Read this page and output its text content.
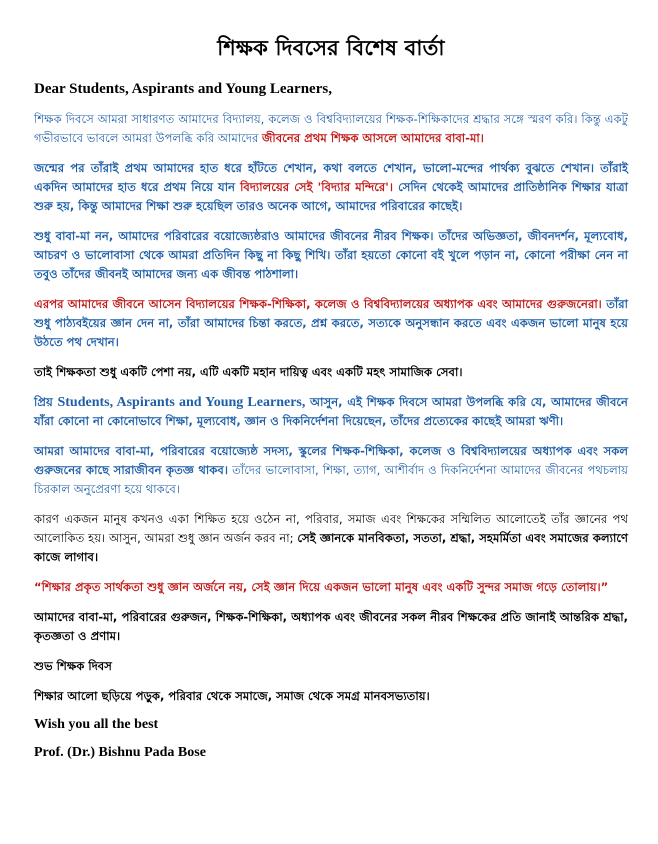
শিক্ষক দিবসের বিশেষ বার্তা
Dear Students, Aspirants and Young Learners,

শিক্ষক দিবসে আমরা সাধারণত আমাদের বিদ্যালয়, কলেজ ও বিশ্ববিদ্যালয়ের শিক্ষক-শিক্ষিকাদের শ্রদ্ধার সঙ্গে স্মরণ করি। কিন্তু একটু গভীরভাবে ভাবলে আমরা উপলব্ধি করি আমাদের জীবনের প্রথম শিক্ষক আসলে আমাদের বাবা-মা।

জন্মের পর তাঁরাই প্রথম আমাদের হাত ধরে হাঁটতে শেখান, কথা বলতে শেখান, ভালো-মন্দের পার্থক্য বুঝতে শেখান। তাঁরাই একদিন আমাদের হাত ধরে প্রথম নিয়ে যান বিদ্যালয়ের সেই 'বিদ্যার মন্দিরে'। সেদিন থেকেই আমাদের প্রাতিষ্ঠানিক শিক্ষার যাত্রা শুরু হয়, কিন্তু আমাদের শিক্ষা শুরু হয়েছিল তারও অনেক আগে, আমাদের পরিবারের কাছেই।

শুধু বাবা-মা নন, আমাদের পরিবারের বয়োজ্যেষ্ঠরাও আমাদের জীবনের নীরব শিক্ষক। তাঁদের অভিজ্ঞতা, জীবনদর্শন, মূল্যবোধ, আচরণ ও ভালোবাসা থেকে আমরা প্রতিদিন কিছু না কিছু শিখি। তাঁরা হয়তো কোনো বই খুলে পড়ান না, কোনো পরীক্ষা নেন না তবুও তাঁদের জীবনই আমাদের জন্য এক জীবন্ত পাঠশালা।

এরপর আমাদের জীবনে আসেন বিদ্যালয়ের শিক্ষক-শিক্ষিকা, কলেজ ও বিশ্ববিদ্যালয়ের অধ্যাপক এবং আমাদের গুরুজনেরা। তাঁরা শুধু পাঠ্যবইয়ের জ্ঞান দেন না, তাঁরা আমাদের চিন্তা করতে, প্রশ্ন করতে, সত্যকে অনুসন্ধান করতে এবং একজন ভালো মানুষ হয়ে উঠতে পথ দেখান।

তাই শিক্ষকতা শুধু একটি পেশা নয়, এটি একটি মহান দায়িত্ব এবং একটি মহৎ সামাজিক সেবা।

প্রিয় Students, Aspirants and Young Learners, আসুন, এই শিক্ষক দিবসে আমরা উপলব্ধি করি যে, আমাদের জীবনে যাঁরা কোনো না কোনোভাবে শিক্ষা, মূল্যবোধ, জ্ঞান ও দিকনির্দেশনা দিয়েছেন, তাঁদের প্রত্যেকের কাছেই আমরা ঋণী।

আমরা আমাদের বাবা-মা, পরিবারের বয়োজ্যেষ্ঠ সদস্য, স্কুলের শিক্ষক-শিক্ষিকা, কলেজ ও বিশ্ববিদ্যালয়ের অধ্যাপক এবং সকল গুরুজনের কাছে সারাজীবন কৃতজ্ঞ থাকব। তাঁদের ভালোবাসা, শিক্ষা, ত্যাগ, আশীর্বাদ ও দিকনির্দেশনা আমাদের জীবনের পথচলায় চিরকাল অনুপ্রেরণা হয়ে থাকবে।

কারণ একজন মানুষ কখনও একা শিক্ষিত হয়ে ওঠেন না, পরিবার, সমাজ এবং শিক্ষকের সম্মিলিত আলোতেই তাঁর জ্ঞানের পথ আলোকিত হয়। আসুন, আমরা শুধু জ্ঞান অর্জন করব না; সেই জ্ঞানকে মানবিকতা, সততা, শ্রদ্ধা, সহমর্মিতা এবং সমাজের কল্যাণে কাজে লাগাব।

“শিক্ষার প্রকৃত সার্থকতা শুধু জ্ঞান অর্জনে নয়, সেই জ্ঞান দিয়ে একজন ভালো মানুষ এবং একটি সুন্দর সমাজ গড়ে তোলায়।”

আমাদের বাবা-মা, পরিবারের গুরুজন, শিক্ষক-শিক্ষিকা, অধ্যাপক এবং জীবনের সকল নীরব শিক্ষকের প্রতি জানাই আন্তরিক শ্রদ্ধা, কৃতজ্ঞতা ও প্রণাম।

শুভ শিক্ষক দিবস

শিক্ষার আলো ছড়িয়ে পড়ুক, পরিবার থেকে সমাজে, সমাজ থেকে সমগ্র মানবসভ্যতায়।

Wish you all the best
Prof. (Dr.) Bishnu Pada Bose
